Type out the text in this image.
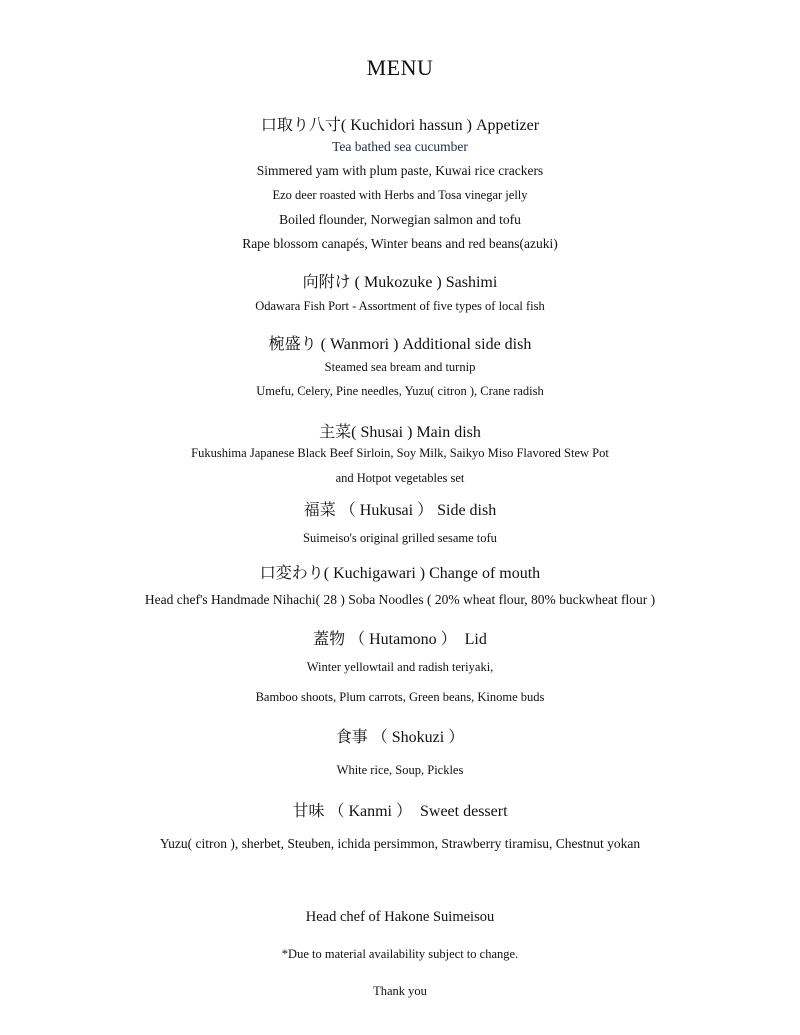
MENU
口取り八寸( Kuchidori hassun ) Appetizer
Tea bathed sea cucumber
Simmered yam with plum paste, Kuwai rice crackers
Ezo deer roasted with Herbs and Tosa vinegar jelly
Boiled flounder, Norwegian salmon and tofu
Rape blossom canapés, Winter beans and red beans(azuki)
向附け ( Mukozuke ) Sashimi
Odawara Fish Port - Assortment of five types of local fish
椀盛り ( Wanmori ) Additional side dish
Steamed sea bream and turnip
Umefu, Celery, Pine needles, Yuzu( citron ), Crane radish
主菜( Shusai ) Main dish
Fukushima Japanese Black Beef Sirloin, Soy Milk, Saikyo Miso Flavored Stew Pot
and Hotpot vegetables set
福菜 （ Hukusai ） Side dish
Suimeiso's original grilled sesame tofu
口変わり( Kuchigawari ) Change of mouth
Head chef's Handmade Nihachi( 28 ) Soba Noodles ( 20% wheat flour, 80% buckwheat flour )
蓋物 （ Hutamono ）　Lid
Winter yellowtail and radish teriyaki,
Bamboo shoots, Plum carrots, Green beans, Kinome buds
食事 （ Shokuzi ）
White rice, Soup, Pickles
甘味 （ Kanmi ）　Sweet dessert
Yuzu( citron ), sherbet, Steuben, ichida persimmon, Strawberry tiramisu, Chestnut yokan
Head chef of Hakone Suimeisou
*Due to material availability subject to change.
Thank you
